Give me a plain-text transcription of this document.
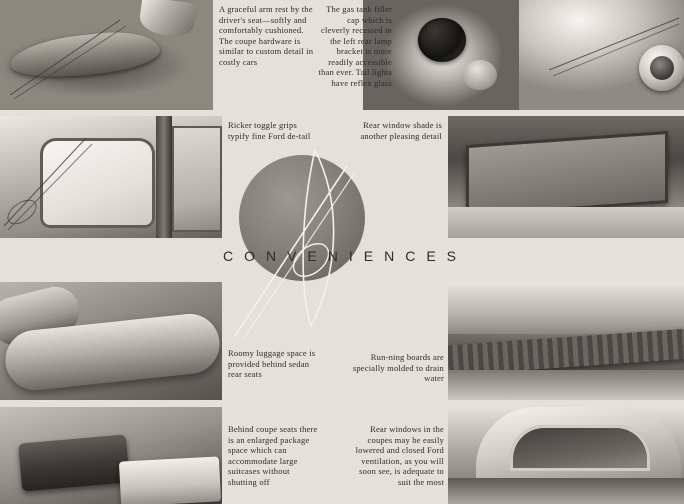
A graceful arm rest by the driver's seat—softly and comfortably cushioned. The coupe hardware is similar to custom detail in costly cars
The gas tank filler cap which is cleverly recessed in the left rear lamp bracket is more readily accessible than ever. Tail lights have reflex glass
Ricker toggle grips typify fine Ford de-tail
Rear window shade is another pleasing detail
CONVENIENCES
Roomy luggage space is provided behind sedan rear seats
Run-ning boards are specially molded to drain water
Behind coupe seats there is an enlarged package space which can accommodate large suitcases without shutting off
Rear windows in the coupes may be easily lowered and closed Ford ventilation, as you will soon see, is adequate to suit the most
